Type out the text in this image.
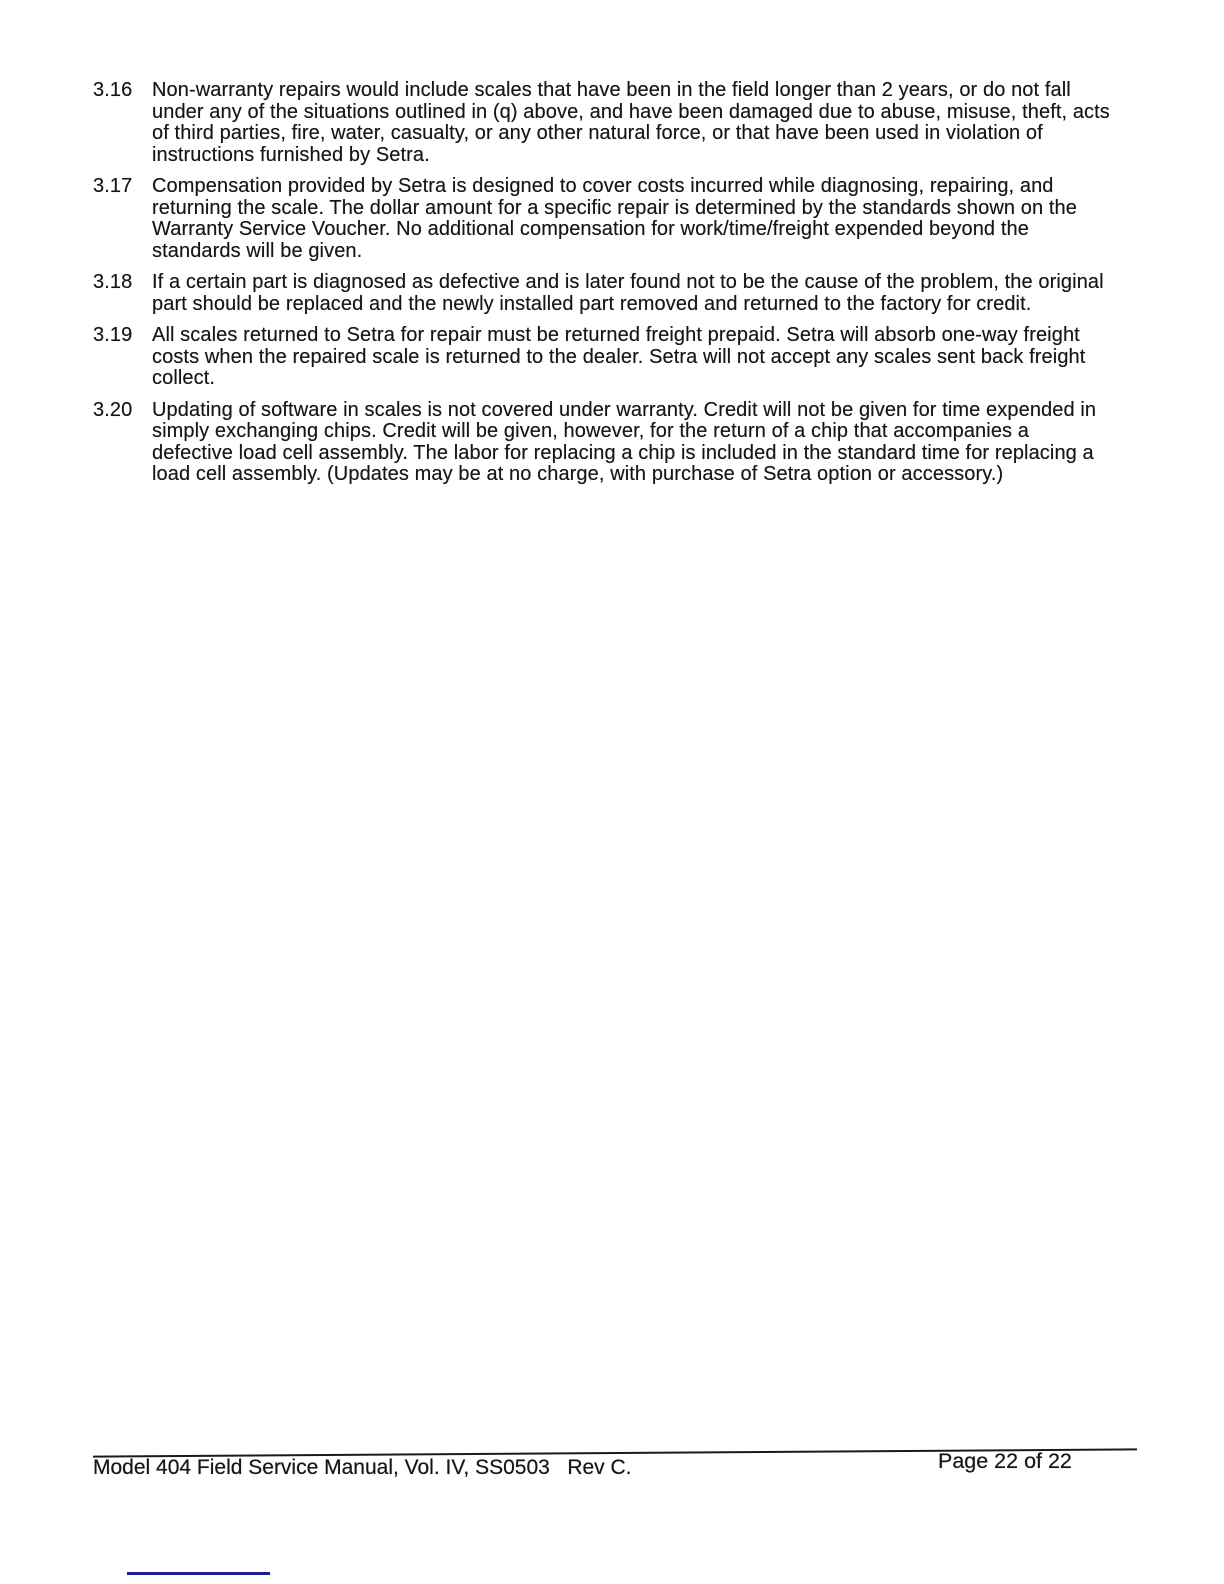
3.16 Non-warranty repairs would include scales that have been in the field longer than 2 years, or do not fall under any of the situations outlined in (q) above, and have been damaged due to abuse, misuse, theft, acts of third parties, fire, water, casualty, or any other natural force, or that have been used in violation of instructions furnished by Setra.
3.17 Compensation provided by Setra is designed to cover costs incurred while diagnosing, repairing, and returning the scale. The dollar amount for a specific repair is determined by the standards shown on the Warranty Service Voucher. No additional compensation for work/time/freight expended beyond the standards will be given.
3.18 If a certain part is diagnosed as defective and is later found not to be the cause of the problem, the original part should be replaced and the newly installed part removed and returned to the factory for credit.
3.19 All scales returned to Setra for repair must be returned freight prepaid. Setra will absorb one-way freight costs when the repaired scale is returned to the dealer. Setra will not accept any scales sent back freight collect.
3.20 Updating of software in scales is not covered under warranty. Credit will not be given for time expended in simply exchanging chips. Credit will be given, however, for the return of a chip that accompanies a defective load cell assembly. The labor for replacing a chip is included in the standard time for replacing a load cell assembly. (Updates may be at no charge, with purchase of Setra option or accessory.)
Model 404 Field Service Manual, Vol. IV, SS0503   Rev C.	Page 22 of 22
